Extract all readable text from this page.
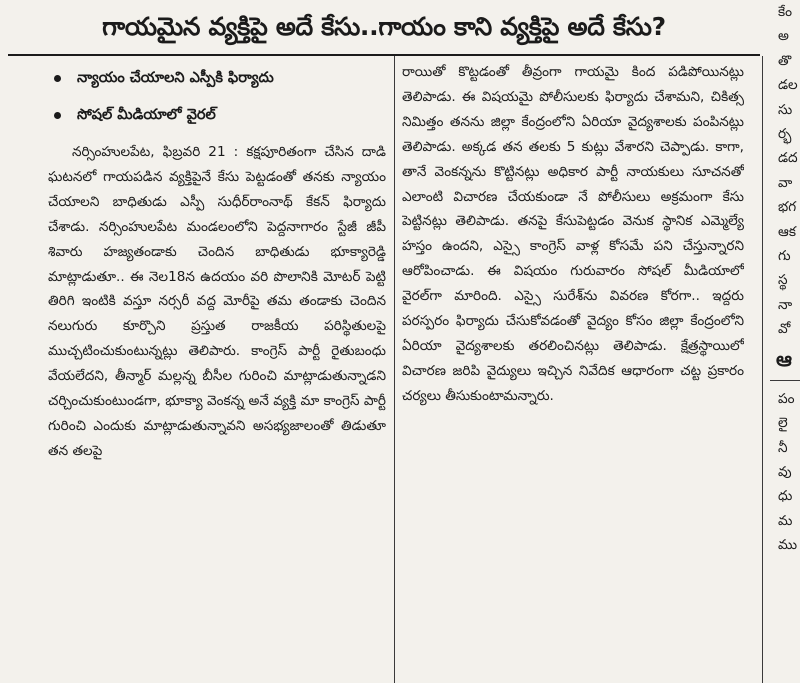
గాయమైన వ్యక్తిపై అదే కేసు..గాయం కాని వ్యక్తిపై అదే కేసు?
న్యాయం చేయాలని ఎస్పీకి ఫిర్యాదు
సోషల్ మీడియాలో వైరల్

నర్సింహులపేట, ఫిబ్రవరి 21 : కక్షపూరితంగా చేసిన దాడి ఘటనలో గాయపడిన వ్యక్తిపైనే కేసు పెట్టడంతో తనకు న్యాయం చేయాలని బాధితుడు ఎస్పీ సుధీర్‌రాంనాథ్ కేకన్ ఫిర్యాదు చేశాడు. నర్సింహులపేట మండలంలోని పెద్దనాగారం స్టేజీ జీపీ శివారు హజ్యతండాకు చెందిన బాధితుడు భూక్యారెడ్డి మాట్లాడుతూ.. ఈ నెల18న ఉదయం వరి పొలానికి మోటర్ పెట్టి తిరిగి ఇంటికి వస్తూ నర్సరీ వద్ద మోరీపై తమ తండాకు చెందిన నలుగురు కూర్చొని ప్రస్తుత రాజకీయ పరిస్థితులపై ముచ్చటించుకుంటున్నట్లు తెలిపారు. కాంగ్రెస్ పార్టీ రైతుబంధు వేయలేదని, తీన్మార్ మల్లన్న బీసీల గురించి మాట్లాడుతున్నాడని చర్చించుకుంటుండగా, భూక్యా వెంకన్న అనే వ్యక్తి మా కాంగ్రెస్ పార్టీ గురించి ఎందుకు మాట్లాడుతున్నావని అసభ్యజాలంతో తిడుతూ తన తలపై

రాయితో కొట్టడంతో తీవ్రంగా గాయమై కింద పడిపోయినట్లు తెలిపాడు. ఈ విషయమై పోలీసులకు ఫిర్యాదు చేశామని, చికిత్స నిమిత్తం తనను జిల్లా కేంద్రంలోని ఏరియా వైద్యశాలకు పంపినట్లు తెలిపాడు. అక్కడ తన తలకు 5 కుట్లు వేశారని చెప్పాడు. కాగా, తానే వెంకన్నను కొట్టినట్లు అధికార పార్టీ నాయకులు సూచనతో ఎలాంటి విచారణ చేయకుండా నే పోలీసులు అక్రమంగా కేసు పెట్టినట్లు తెలిపాడు. తనపై కేసుపెట్టడం వెనుక స్థానిక ఎమ్మెల్యే హస్తం ఉందని, ఎస్సై కాంగ్రెస్ వాళ్ల కోసమే పని చేస్తున్నారని ఆరోపించాడు. ఈ విషయం గురువారం సోషల్ మీడియాలో వైరల్‌గా మారింది. ఎస్సై సురేశ్‌ను వివరణ కోరగా.. ఇద్దరు పరస్పరం ఫిర్యాదు చేసుకోవడంతో వైద్యం కోసం జిల్లా కేంద్రంలోని ఏరియా వైద్యశాలకు తరలించినట్లు తెలిపాడు. క్షేత్రస్థాయిలో విచారణ జరిపి వైద్యులు ఇచ్చిన నివేదిక ఆధారంగా చట్ట ప్రకారం చర్యలు తీసుకుంటామన్నారు.

కేం
అ
తొ
డల
సు
ర్భ
డద
వా
భగ
ఆక
గు
స్థ
నా
వో
ఆ
పం
లై
నీ
వు
ధు
మ
ము
